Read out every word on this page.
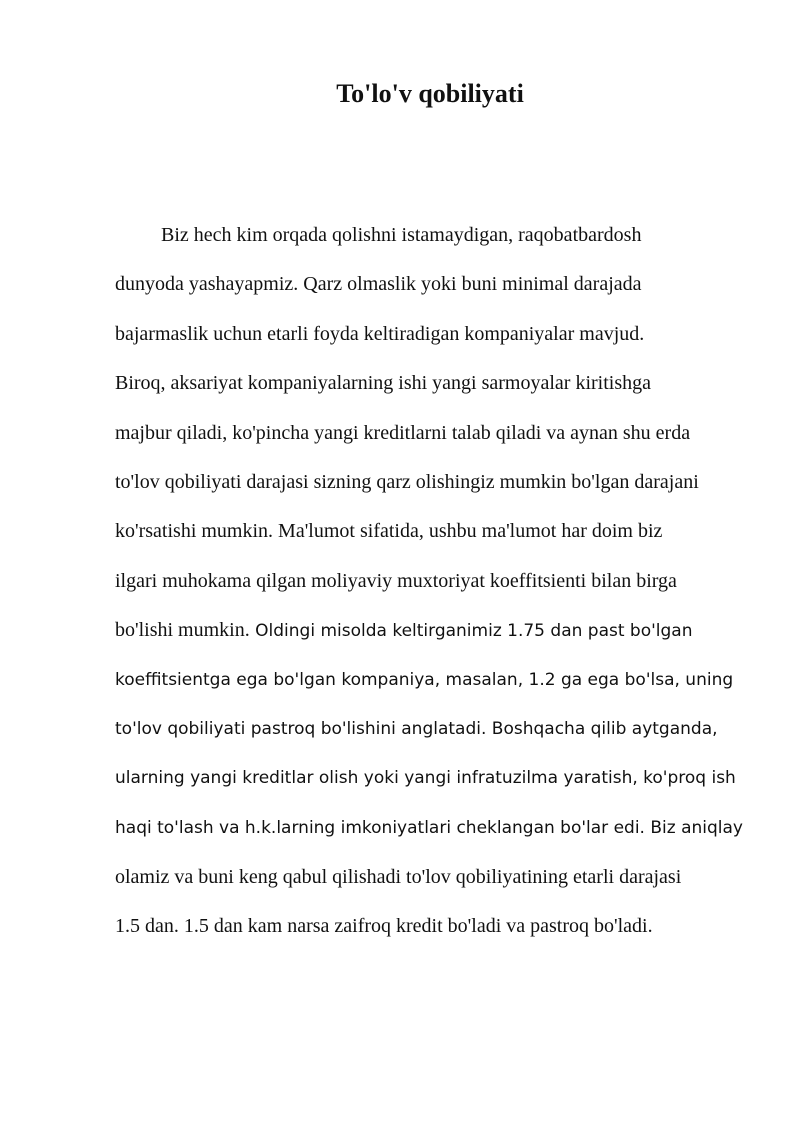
To'lo'v qobiliyati
Biz hech kim orqada qolishni istamaydigan, raqobatbardosh
dunyoda yashayapmiz. Qarz olmaslik yoki buni minimal darajada
bajarmaslik uchun etarli foyda keltiradigan kompaniyalar mavjud.
Biroq, aksariyat kompaniyalarning ishi yangi sarmoyalar kiritishga
majbur qiladi, ko'pincha yangi kreditlarni talab qiladi va aynan shu erda
to'lov qobiliyati darajasi sizning qarz olishingiz mumkin bo'lgan darajani
ko'rsatishi mumkin. Ma'lumot sifatida, ushbu ma'lumot har doim biz
ilgari muhokama qilgan moliyaviy muxtoriyat koeffitsienti bilan birga
bo'lishi mumkin. Oldingi misolda keltirganimiz 1.75 dan past bo'lgan
koeffitsientga ega bo'lgan kompaniya, masalan, 1.2 ga ega bo'lsa, uning
to'lov qobiliyati pastroq bo'lishini anglatadi. Boshqacha qilib aytganda,
ularning yangi kreditlar olish yoki yangi infratuzilma yaratish, ko'proq ish
haqi to'lash va h.k.larning imkoniyatlari cheklangan bo'lar edi. Biz aniqlay
olamiz va buni keng qabul qilishadi to'lov qobiliyatining etarli darajasi
1.5 dan. 1.5 dan kam narsa zaifroq kredit bo'ladi va pastroq bo'ladi.
